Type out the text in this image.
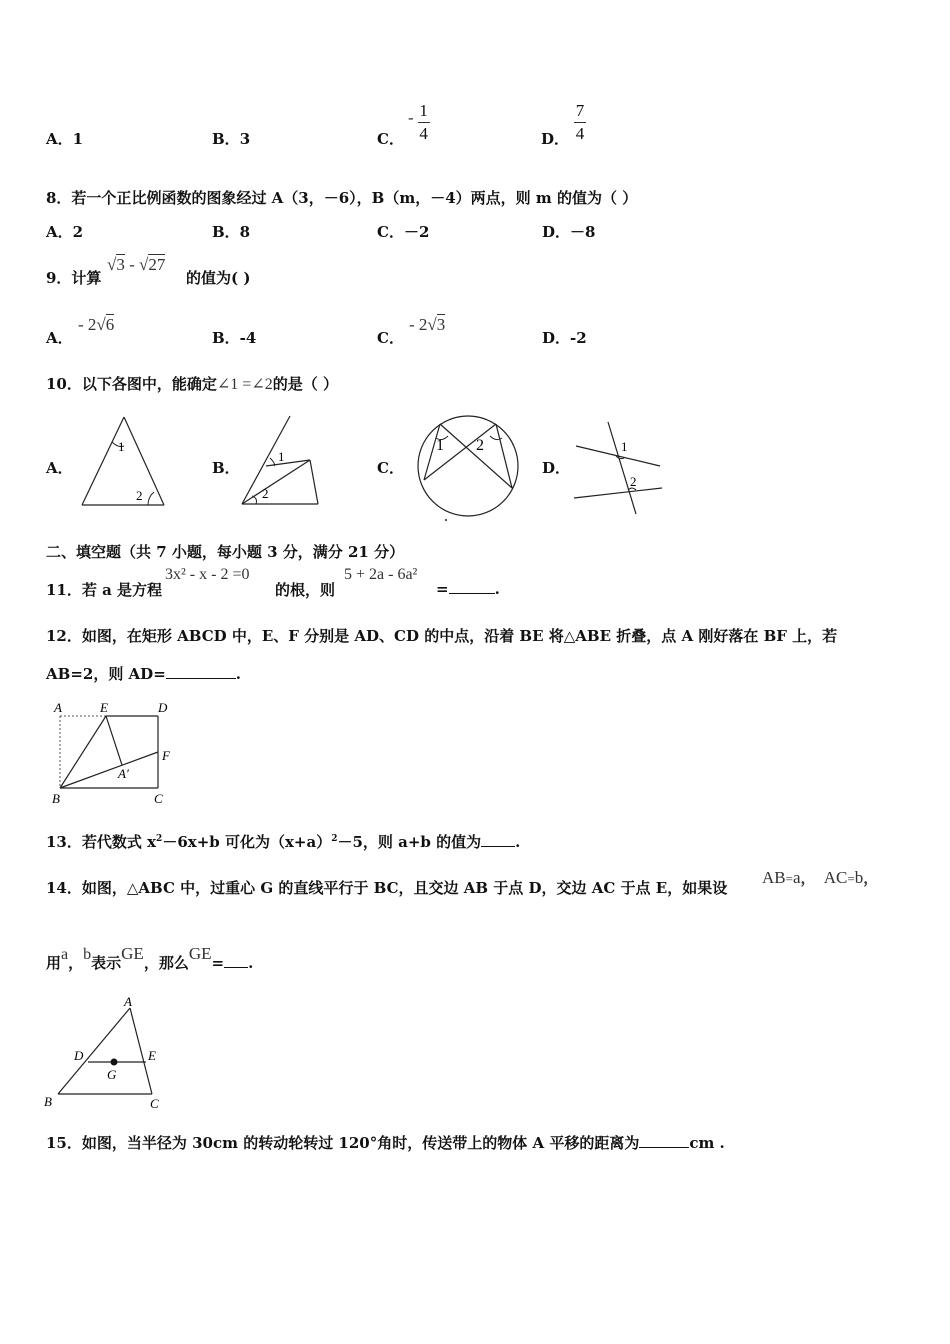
A．1	B．3	C．
- $\frac{1}{4}$	D． $\frac{7}{4}$
8．若一个正比例函数的图象经过 A（3，－6），B（m，－4）两点，则 m 的值为（ ）
A．2	B．8	C．－2	D．－8
9．计算
√3 - √27
的值为( )
A．
- 2√6
B．-4	C．
- 2√3
D．-2
10．以下各图中，能确定∠1 =∠2的是（ ）
A．
1
2
B．
1
2
C．
1 2
D．
1
2
二、填空题（共 7 小题，每小题 3 分，满分 21 分）
11．若 a 是方程
3x² - x - 2 =0
的根，则
5 + 2a - 6a²
=	.
12．如图，在矩形 ABCD 中，E、F 分别是 AD、CD 的中点，沿着 BE 将△ABE 折叠，点 A 刚好落在 BF 上，若
AB=2，则 AD=	.
A	E	D
F
A′
B	C
13．若代数式 $x^2-6x+b$ 可化为$(x+a)^2-5$，则 a+b 的值为 .
14．如图，△ABC 中，过重心 G 的直线平行于 BC，且交边 AB 于点 D，交边 AC 于点 E，如果设
AB=a， AC=b，
用a，b表示GE，那么GE= .
A
D	E
G
B	C
15．如图，当半径为 30cm 的转动轮转过 120°角时，传送带上的物体 A 平移的距离为	cm .
